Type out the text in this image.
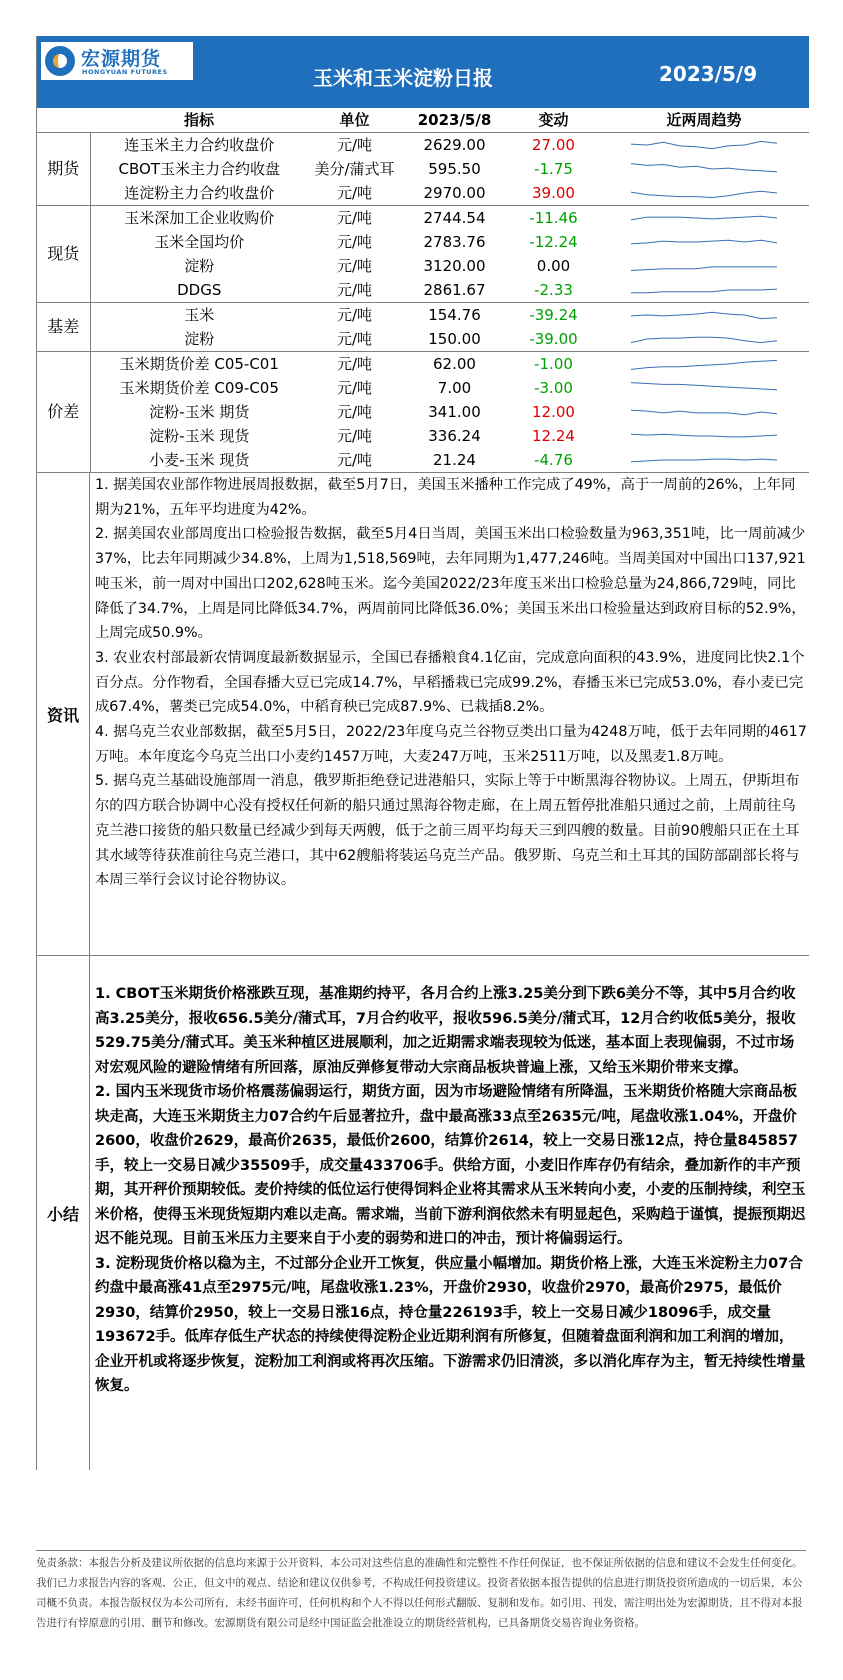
宏源期货
HONGYUAN FUTURES	玉米和玉米淀粉日报	2023/5/9
	指标	单位	2023/5/8	变动	近两周趋势
期货	连玉米主力合约收盘价	元/吨	2629.00	27.00	

	CBOT玉米主力合约收盘	美分/蒲式耳	595.50	-1.75	

	连淀粉主力合约收盘价	元/吨	2970.00	39.00	

现货	玉米深加工企业收购价	元/吨	2744.54	-11.46	

	玉米全国均价	元/吨	2783.76	-12.24	

	淀粉	元/吨	3120.00	0.00	

	DDGS	元/吨	2861.67	-2.33	

基差	玉米	元/吨	154.76	-39.24	

	淀粉	元/吨	150.00	-39.00	

价差	玉米期货价差 C05-C01	元/吨	62.00	-1.00	

	玉米期货价差 C09-C05	元/吨	7.00	-3.00	

	淀粉-玉米 期货	元/吨	341.00	12.00	

	淀粉-玉米 现货	元/吨	336.24	12.24	

	小麦-玉米 现货	元/吨	21.24	-4.76	
资讯

1. 据美国农业部作物进展周报数据，截至5月7日，美国玉米播种工作完成了49%，高于一周前的26%，上年同期为21%，五年平均进度为42%。

2. 据美国农业部周度出口检验报告数据，截至5月4日当周，美国玉米出口检验数量为963,351吨，比一周前减少37%，比去年同期减少34.8%，上周为1,518,569吨，去年同期为1,477,246吨。当周美国对中国出口137,921吨玉米，前一周对中国出口202,628吨玉米。迄今美国2022/23年度玉米出口检验总量为24,866,729吨，同比降低了34.7%，上周是同比降低34.7%，两周前同比降低36.0%；美国玉米出口检验量达到政府目标的52.9%，上周完成50.9%。

3. 农业农村部最新农情调度最新数据显示，全国已春播粮食4.1亿亩，完成意向面积的43.9%，进度同比快2.1个百分点。分作物看，全国春播大豆已完成14.7%，早稻播栽已完成99.2%，春播玉米已完成53.0%，春小麦已完成67.4%，薯类已完成54.0%，中稻育秧已完成87.9%、已栽插8.2%。

4. 据乌克兰农业部数据，截至5月5日，2022/23年度乌克兰谷物豆类出口量为4248万吨，低于去年同期的4617万吨。本年度迄今乌克兰出口小麦约1457万吨，大麦247万吨，玉米2511万吨，以及黑麦1.8万吨。

5. 据乌克兰基础设施部周一消息，俄罗斯拒绝登记进港船只，实际上等于中断黑海谷物协议。上周五，伊斯坦布尔的四方联合协调中心没有授权任何新的船只通过黑海谷物走廊，在上周五暂停批准船只通过之前，上周前往乌克兰港口接货的船只数量已经减少到每天两艘，低于之前三周平均每天三到四艘的数量。目前90艘船只正在土耳其水域等待获准前往乌克兰港口，其中62艘船将装运乌克兰产品。俄罗斯、乌克兰和土耳其的国防部副部长将与本周三举行会议讨论谷物协议。

小结

1. CBOT玉米期货价格涨跌互现，基准期约持平，各月合约上涨3.25美分到下跌6美分不等，其中5月合约收高3.25美分，报收656.5美分/蒲式耳，7月合约收平，报收596.5美分/蒲式耳，12月合约收低5美分，报收529.75美分/蒲式耳。美玉米种植区进展顺利，加之近期需求端表现较为低迷，基本面上表现偏弱，不过市场对宏观风险的避险情绪有所回落，原油反弹修复带动大宗商品板块普遍上涨，又给玉米期价带来支撑。

2. 国内玉米现货市场价格震荡偏弱运行，期货方面，因为市场避险情绪有所降温，玉米期货价格随大宗商品板块走高，大连玉米期货主力07合约午后显著拉升，盘中最高涨33点至2635元/吨，尾盘收涨1.04%，开盘价2600，收盘价2629，最高价2635，最低价2600，结算价2614，较上一交易日涨12点，持仓量845857手，较上一交易日减少35509手，成交量433706手。供给方面，小麦旧作库存仍有结余，叠加新作的丰产预期，其开秤价预期较低。麦价持续的低位运行使得饲料企业将其需求从玉米转向小麦，小麦的压制持续，利空玉米价格，使得玉米现货短期内难以走高。需求端，当前下游利润依然未有明显起色，采购趋于谨慎，提振预期迟迟不能兑现。目前玉米压力主要来自于小麦的弱势和进口的冲击，预计将偏弱运行。

3. 淀粉现货价格以稳为主，不过部分企业开工恢复，供应量小幅增加。期货价格上涨，大连玉米淀粉主力07合约盘中最高涨41点至2975元/吨，尾盘收涨1.23%，开盘价2930，收盘价2970，最高价2975，最低价2930，结算价2950，较上一交易日涨16点，持仓量226193手，较上一交易日减少18096手，成交量193672手。低库存低生产状态的持续使得淀粉企业近期利润有所修复，但随着盘面利润和加工利润的增加，企业开机或将逐步恢复，淀粉加工利润或将再次压缩。下游需求仍旧清淡，多以消化库存为主，暂无持续性增量恢复。

免责条款：本报告分析及建议所依据的信息均来源于公开资料，本公司对这些信息的准确性和完整性不作任何保证，也不保证所依据的信息和建议不会发生任何变化。我们已力求报告内容的客观、公正，但文中的观点、结论和建议仅供参考，不构成任何投资建议。投资者依据本报告提供的信息进行期货投资所造成的一切后果，本公司概不负责。本报告版权仅为本公司所有，未经书面许可，任何机构和个人不得以任何形式翻版、复制和发布。如引用、刊发，需注明出处为宏源期货，且不得对本报告进行有悖原意的引用、删节和修改。宏源期货有限公司是经中国证监会批准设立的期货经营机构，已具备期货交易咨询业务资格。
